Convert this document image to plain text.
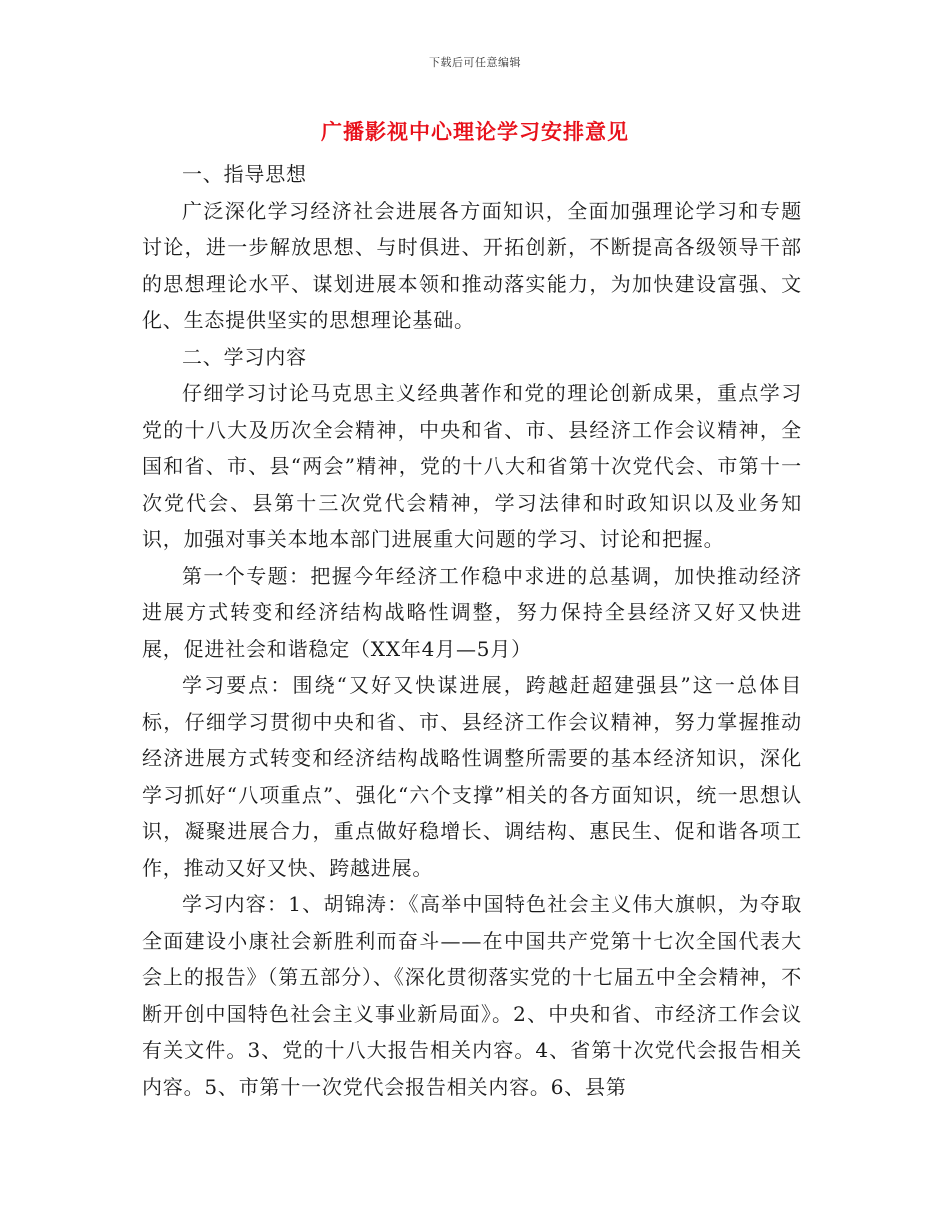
下载后可任意编辑
广播影视中心理论学习安排意见

一、指导思想

广泛深化学习经济社会进展各方面知识，全面加强理论学习和专题讨论，进一步解放思想、与时俱进、开拓创新，不断提高各级领导干部的思想理论水平、谋划进展本领和推动落实能力，为加快建设富强、文化、生态提供坚实的思想理论基础。

二、学习内容

仔细学习讨论马克思主义经典著作和党的理论创新成果，重点学习党的十八大及历次全会精神，中央和省、市、县经济工作会议精神，全国和省、市、县“两会”精神，党的十八大和省第十次党代会、市第十一次党代会、县第十三次党代会精神，学习法律和时政知识以及业务知识，加强对事关本地本部门进展重大问题的学习、讨论和把握。

第一个专题：把握今年经济工作稳中求进的总基调，加快推动经济进展方式转变和经济结构战略性调整，努力保持全县经济又好又快进展，促进社会和谐稳定（XX年4月—5月）

学习要点：围绕“又好又快谋进展，跨越赶超建强县”这一总体目标，仔细学习贯彻中央和省、市、县经济工作会议精神，努力掌握推动经济进展方式转变和经济结构战略性调整所需要的基本经济知识，深化学习抓好“八项重点”、强化“六个支撑”相关的各方面知识，统一思想认识，凝聚进展合力，重点做好稳增长、调结构、惠民生、促和谐各项工作，推动又好又快、跨越进展。

学习内容：1、胡锦涛：《高举中国特色社会主义伟大旗帜，为夺取全面建设小康社会新胜利而奋斗——在中国共产党第十七次全国代表大会上的报告》（第五部分）、《深化贯彻落实党的十七届五中全会精神，不断开创中国特色社会主义事业新局面》。2、中央和省、市经济工作会议有关文件。3、党的十八大报告相关内容。4、省第十次党代会报告相关内容。5、市第十一次党代会报告相关内容。6、县第
